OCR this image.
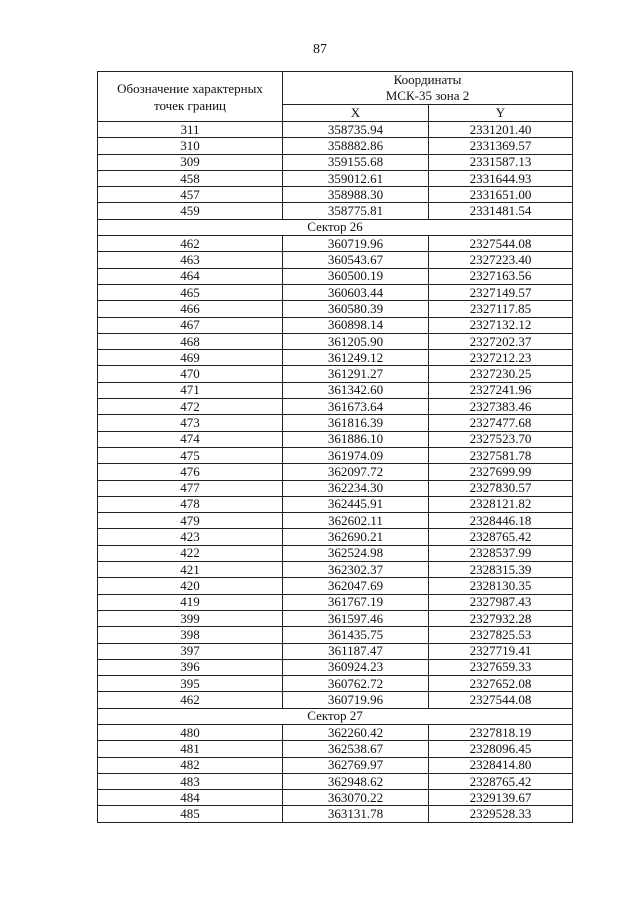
87
Обозначение характерных
точек границ	Координаты
МСК-35 зона 2	
	X	Y
311	358735.94	2331201.40
310	358882.86	2331369.57
309	359155.68	2331587.13
458	359012.61	2331644.93
457	358988.30	2331651.00
459	358775.81	2331481.54
Сектор 26		
462	360719.96	2327544.08
463	360543.67	2327223.40
464	360500.19	2327163.56
465	360603.44	2327149.57
466	360580.39	2327117.85
467	360898.14	2327132.12
468	361205.90	2327202.37
469	361249.12	2327212.23
470	361291.27	2327230.25
471	361342.60	2327241.96
472	361673.64	2327383.46
473	361816.39	2327477.68
474	361886.10	2327523.70
475	361974.09	2327581.78
476	362097.72	2327699.99
477	362234.30	2327830.57
478	362445.91	2328121.82
479	362602.11	2328446.18
423	362690.21	2328765.42
422	362524.98	2328537.99
421	362302.37	2328315.39
420	362047.69	2328130.35
419	361767.19	2327987.43
399	361597.46	2327932.28
398	361435.75	2327825.53
397	361187.47	2327719.41
396	360924.23	2327659.33
395	360762.72	2327652.08
462	360719.96	2327544.08
Сектор 27		
480	362260.42	2327818.19
481	362538.67	2328096.45
482	362769.97	2328414.80
483	362948.62	2328765.42
484	363070.22	2329139.67
485	363131.78	2329528.33
